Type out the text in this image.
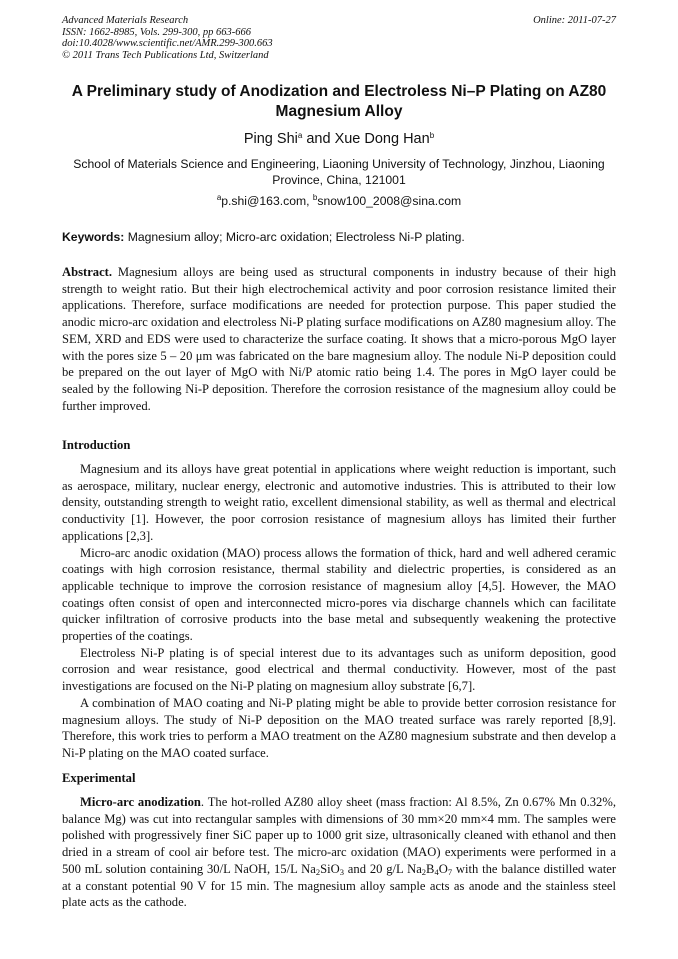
Advanced Materials Research
ISSN: 1662-8985, Vols. 299-300, pp 663-666
doi:10.4028/www.scientific.net/AMR.299-300.663
© 2011 Trans Tech Publications Ltd, Switzerland
Online: 2011-07-27
A Preliminary study of Anodization and Electroless Ni–P Plating on AZ80 Magnesium Alloy
Ping Shi$^a$ and Xue Dong Han$^b$
School of Materials Science and Engineering, Liaoning University of Technology, Jinzhou, Liaoning Province, China, 121001
$^a$p.shi@163.com, $^b$snow100_2008@sina.com
Keywords: Magnesium alloy; Micro-arc oxidation; Electroless Ni-P plating.
Abstract. Magnesium alloys are being used as structural components in industry because of their high strength to weight ratio. But their high electrochemical activity and poor corrosion resistance limited their applications. Therefore, surface modifications are needed for protection purpose. This paper studied the anodic micro-arc oxidation and electroless Ni-P plating surface modifications on AZ80 magnesium alloy. The SEM, XRD and EDS were used to characterize the surface coating. It shows that a micro-porous MgO layer with the pores size 5 – 20 μm was fabricated on the bare magnesium alloy. The nodule Ni-P deposition could be prepared on the out layer of MgO with Ni/P atomic ratio being 1.4. The pores in MgO layer could be sealed by the following Ni-P deposition. Therefore the corrosion resistance of the magnesium alloy could be further improved.
Introduction

Magnesium and its alloys have great potential in applications where weight reduction is important, such as aerospace, military, nuclear energy, electronic and automotive industries. This is attributed to their low density, outstanding strength to weight ratio, excellent dimensional stability, as well as thermal and electrical conductivity [1]. However, the poor corrosion resistance of magnesium alloys has limited their further applications [2,3].

Micro-arc anodic oxidation (MAO) process allows the formation of thick, hard and well adhered ceramic coatings with high corrosion resistance, thermal stability and dielectric properties, is considered as an applicable technique to improve the corrosion resistance of magnesium alloy [4,5]. However, the MAO coatings often consist of open and interconnected micro-pores via discharge channels which can facilitate quicker infiltration of corrosive products into the base metal and subsequently weakening the protective properties of the coatings.

Electroless Ni-P plating is of special interest due to its advantages such as uniform deposition, good corrosion and wear resistance, good electrical and thermal conductivity. However, most of the past investigations are focused on the Ni-P plating on magnesium alloy substrate [6,7].

A combination of MAO coating and Ni-P plating might be able to provide better corrosion resistance for magnesium alloys. The study of Ni-P deposition on the MAO treated surface was rarely reported [8,9]. Therefore, this work tries to perform a MAO treatment on the AZ80 magnesium substrate and then develop a Ni-P plating on the MAO coated surface.

Experimental

Micro-arc anodization. The hot-rolled AZ80 alloy sheet (mass fraction: Al 8.5%, Zn 0.67% Mn 0.32%, balance Mg) was cut into rectangular samples with dimensions of 30 mm×20 mm×4 mm. The samples were polished with progressively finer SiC paper up to 1000 grit size, ultrasonically cleaned with ethanol and then dried in a stream of cool air before test. The micro-arc oxidation (MAO) experiments were performed in a 500 mL solution containing 30/L NaOH, 15/L $Na_2SiO_3$ and 20 g/L $Na_2B_4O_7$ with the balance distilled water at a constant potential 90 V for 15 min. The magnesium alloy sample acts as anode and the stainless steel plate acts as the cathode.
